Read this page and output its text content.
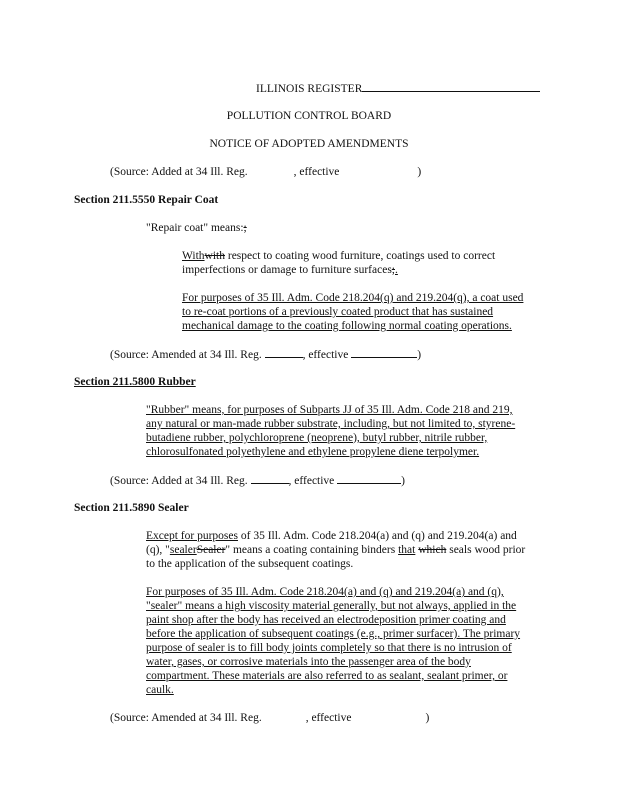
ILLINOIS REGISTER
POLLUTION CONTROL BOARD
NOTICE OF ADOPTED AMENDMENTS
(Source: Added at 34 Ill. Reg.	, effective	)
Section 211.5550 Repair Coat
"Repair coat" means:;
Withwith respect to coating wood furniture, coatings used to correct
imperfections or damage to furniture surfaces;.
For purposes of 35 Ill. Adm. Code 218.204(q) and 219.204(q), a coat used
to re-coat portions of a previously coated product that has sustained
mechanical damage to the coating following normal coating operations.
(Source: Amended at 34 Ill. Reg.	, effective	)
Section 211.5800 Rubber
"Rubber" means, for purposes of Subparts JJ of 35 Ill. Adm. Code 218 and 219,
any natural or man-made rubber substrate, including, but not limited to, styrene-
butadiene rubber, polychloroprene (neoprene), butyl rubber, nitrile rubber,
chlorosulfonated polyethylene and ethylene propylene diene terpolymer.
(Source: Added at 34 Ill. Reg.	, effective	)
Section 211.5890 Sealer
Except for purposes of 35 Ill. Adm. Code 218.204(a) and (q) and 219.204(a) and
(q), "sealerSealer" means a coating containing binders that which seals wood prior
to the application of the subsequent coatings.
For purposes of 35 Ill. Adm. Code 218.204(a) and (q) and 219.204(a) and (q),
"sealer" means a high viscosity material generally, but not always, applied in the
paint shop after the body has received an electrodeposition primer coating and
before the application of subsequent coatings (e.g., primer surfacer). The primary
purpose of sealer is to fill body joints completely so that there is no intrusion of
water, gases, or corrosive materials into the passenger area of the body
compartment. These materials are also referred to as sealant, sealant primer, or
caulk.
(Source: Amended at 34 Ill. Reg.	, effective	)
